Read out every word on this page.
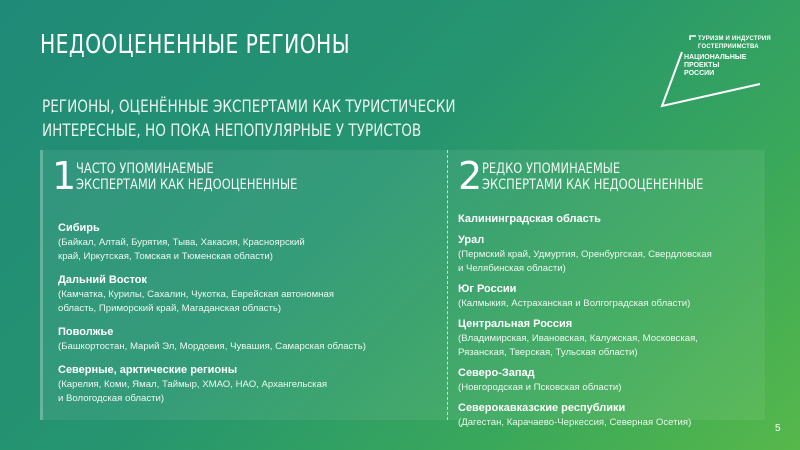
НЕДООЦЕНЕННЫЕ РЕГИОНЫ
РЕГИОНЫ, ОЦЕНЁННЫЕ ЭКСПЕРТАМИ КАК ТУРИСТИЧЕСКИ
ИНТЕРЕСНЫЕ, НО ПОКА НЕПОПУЛЯРНЫЕ У ТУРИСТОВ
ТУРИЗМ И ИНДУСТРИЯ
ГОСТЕПРИИМСТВА
НАЦИОНАЛЬНЫЕ
ПРОЕКТЫ
РОССИИ
1 ЧАСТО УПОМИНАЕМЫЕ
ЭКСПЕРТАМИ КАК НЕДООЦЕНЕННЫЕ
Сибирь
(Байкал, Алтай, Бурятия, Тыва, Хакасия, Красноярский
край, Иркутская, Томская и Тюменская области)
Дальний Восток
(Камчатка, Курилы, Сахалин, Чукотка, Еврейская автономная
область, Приморский край, Магаданская область)
Поволжье
(Башкортостан, Марий Эл, Мордовия, Чувашия, Самарская область)
Северные, арктические регионы
(Карелия, Коми, Ямал, Таймыр, ХМАО, НАО, Архангельская
и Вологодская области)
2 РЕДКО УПОМИНАЕМЫЕ
ЭКСПЕРТАМИ КАК НЕДООЦЕНЕННЫЕ
Калининградская область
Урал
(Пермский край, Удмуртия, Оренбургская, Свердловская
и Челябинская области)
Юг России
(Калмыкия, Астраханская и Волгоградская области)
Центральная Россия
(Владимирская, Ивановская, Калужская, Московская,
Рязанская, Тверская, Тульская области)
Северо-Запад
(Новгородская и Псковская области)
Северокавказские республики
(Дагестан, Карачаево-Черкессия, Северная Осетия)
5
